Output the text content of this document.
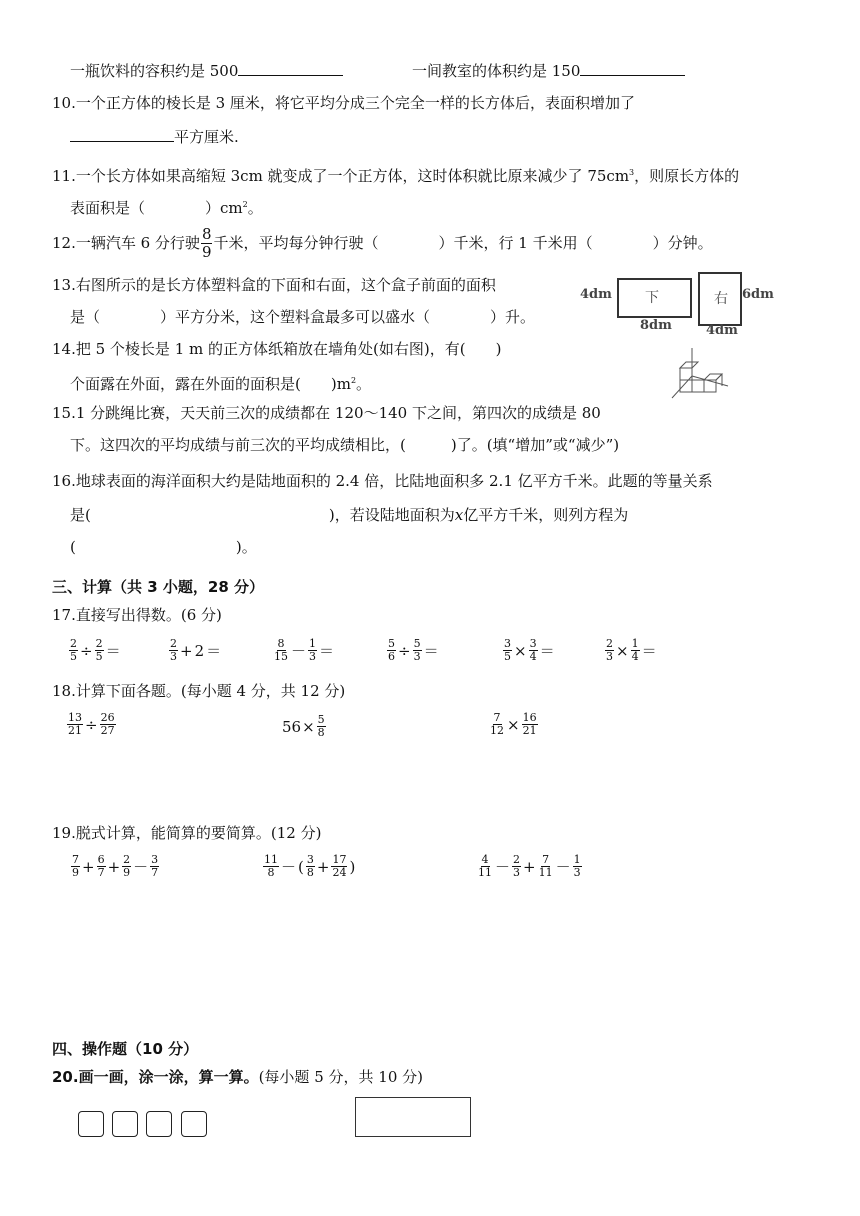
一瓶饮料的容积约是 500	一间教室的体积约是 150
10.一个正方体的棱长是 3 厘米，将它平均分成三个完全一样的长方体后，表面积增加了
平方厘米.
11.一个长方体如果高缩短 3cm 就变成了一个正方体，这时体积就比原来减少了 $75cm^3$，则原长方体的
表面积是（　　　　）$cm^2$。
12.一辆汽车 6 分行驶 $\frac{8}{9}$ 千米，平均每分钟行驶（　　　　）千米，行 1 千米用（　　　　）分钟。
13.右图所示的是长方体塑料盒的下面和右面，这个盒子前面的面积
是（　　　　）平方分米，这个塑料盒最多可以盛水（　　　　）升。
4dm 下
8dm
右 6dm
4dm
14.把 5 个棱长是 1 m 的正方体纸箱放在墙角处(如右图)，有(　　)
个面露在外面，露在外面的面积是(　　)$m^2$。
15.1 分跳绳比赛，天天前三次的成绩都在 120～140 下之间，第四次的成绩是 80
下。这四次的平均成绩与前三次的平均成绩相比，(　　　)了。(填“增加”或“减少”)
16.地球表面的海洋面积大约是陆地面积的 2.4 倍，比陆地面积多 2.1 亿平方千米。此题的等量关系
是(	)，若设陆地面积为x亿平方千米，则列方程为
(	)。
三、计算（共 3 小题，28 分）
17.直接写出得数。(6 分)
$\frac{2}{5} \div \frac{2}{5}$ ＝	$\frac{2}{3} + 2$ ＝	$\frac{8}{15} - \frac{1}{3}$ ＝	$\frac{5}{6} \div \frac{5}{3}$ ＝	$\frac{3}{5} \times \frac{3}{4}$ ＝	$\frac{2}{3} \times \frac{1}{4}$ ＝
18.计算下面各题。(每小题 4 分，共 12 分)
$\frac{13}{21} \div \frac{26}{27}$	$56 \times \frac{5}{8}$	$\frac{7}{12} \times \frac{16}{21}$
19.脱式计算，能简算的要简算。(12 分)
$\frac{7}{9} + \frac{6}{7} + \frac{2}{9} - \frac{3}{7}$	$\frac{11}{8}$ － ( $\frac{3}{8} + \frac{17}{24}$ )	$\frac{4}{11} - \frac{2}{3} + \frac{7}{11} - \frac{1}{3}$
四、操作题（10 分）
20.画一画，涂一涂，算一算。(每小题 5 分，共 10 分)
